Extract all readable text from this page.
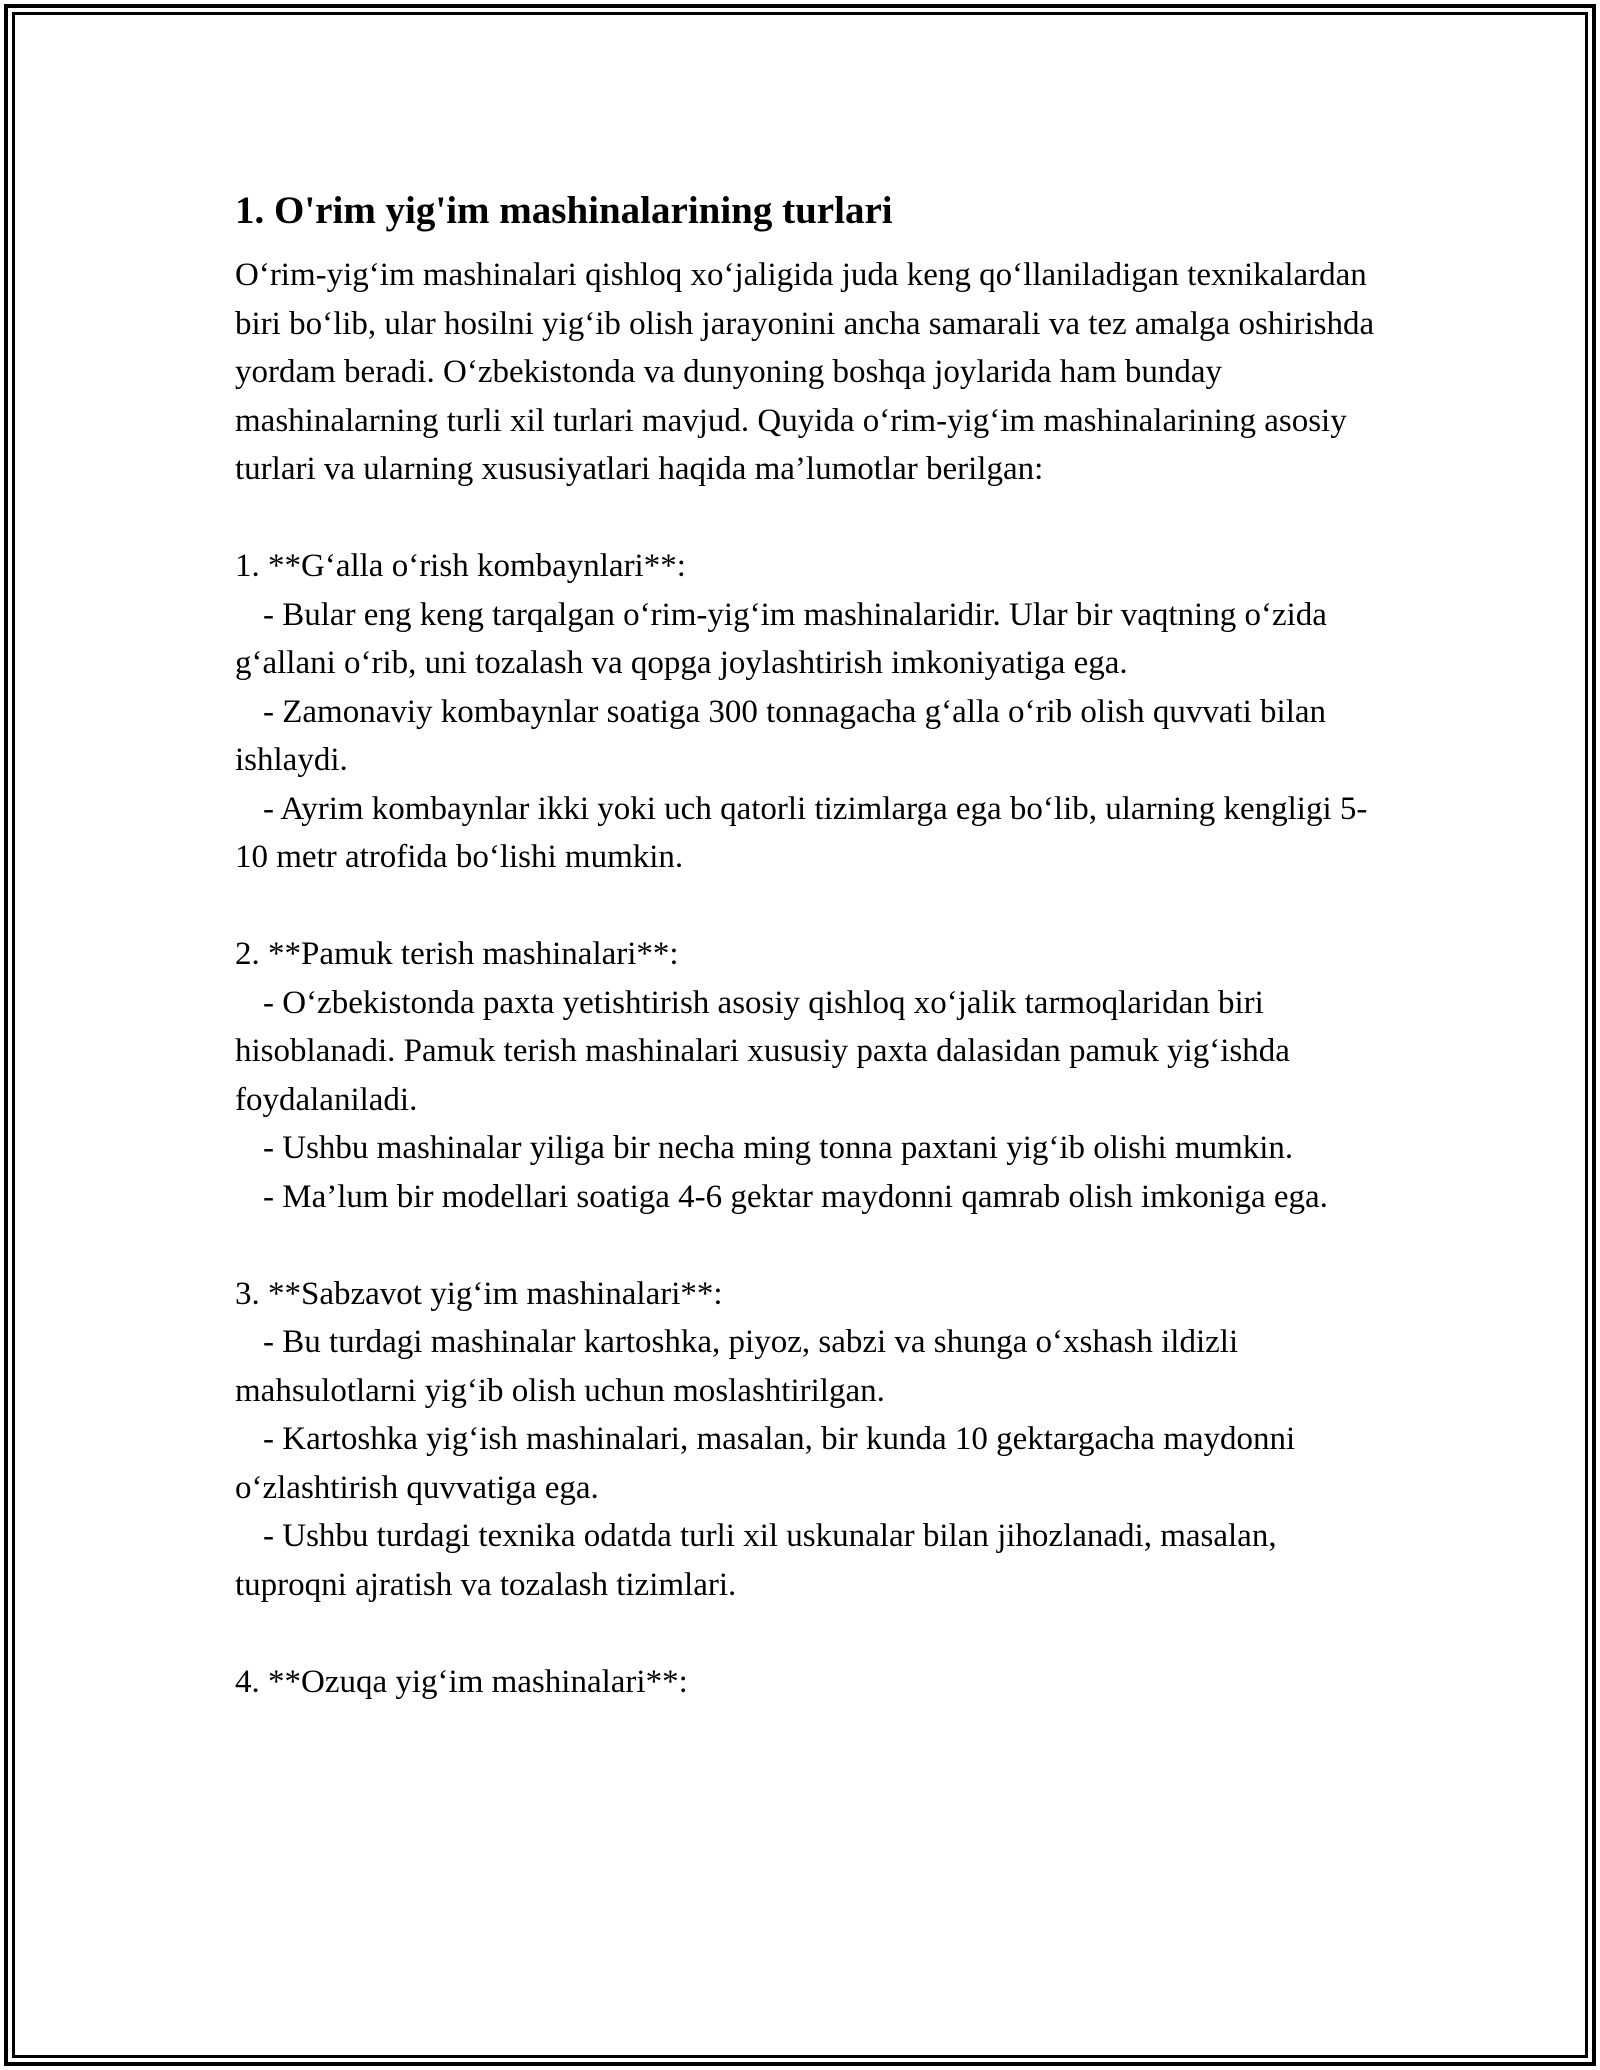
1. O'rim yig'im mashinalarining turlari

O‘rim-yig‘im mashinalari qishloq xo‘jaligida juda keng qo‘llaniladigan texnikalardan biri bo‘lib, ular hosilni yig‘ib olish jarayonini ancha samarali va tez amalga oshirishda yordam beradi. O‘zbekistonda va dunyoning boshqa joylarida ham bunday mashinalarning turli xil turlari mavjud. Quyida o‘rim-yig‘im mashinalarining asosiy turlari va ularning xususiyatlari haqida ma’lumotlar berilgan:

1. **G‘alla o‘rish kombaynlari**:

- Bular eng keng tarqalgan o‘rim-yig‘im mashinalaridir. Ular bir vaqtning o‘zida g‘allani o‘rib, uni tozalash va qopga joylashtirish imkoniyatiga ega.

- Zamonaviy kombaynlar soatiga 300 tonnagacha g‘alla o‘rib olish quvvati bilan ishlaydi.

- Ayrim kombaynlar ikki yoki uch qatorli tizimlarga ega bo‘lib, ularning kengligi 5-10 metr atrofida bo‘lishi mumkin.

2. **Pamuk terish mashinalari**:

- O‘zbekistonda paxta yetishtirish asosiy qishloq xo‘jalik tarmoqlaridan biri hisoblanadi. Pamuk terish mashinalari xususiy paxta dalasidan pamuk yig‘ishda foydalaniladi.

- Ushbu mashinalar yiliga bir necha ming tonna paxtani yig‘ib olishi mumkin.

- Ma’lum bir modellari soatiga 4-6 gektar maydonni qamrab olish imkoniga ega.

3. **Sabzavot yig‘im mashinalari**:

- Bu turdagi mashinalar kartoshka, piyoz, sabzi va shunga o‘xshash ildizli mahsulotlarni yig‘ib olish uchun moslashtirilgan.

- Kartoshka yig‘ish mashinalari, masalan, bir kunda 10 gektargacha maydonni o‘zlashtirish quvvatiga ega.

- Ushbu turdagi texnika odatda turli xil uskunalar bilan jihozlanadi, masalan, tuproqni ajratish va tozalash tizimlari.

4. **Ozuqa yig‘im mashinalari**:
